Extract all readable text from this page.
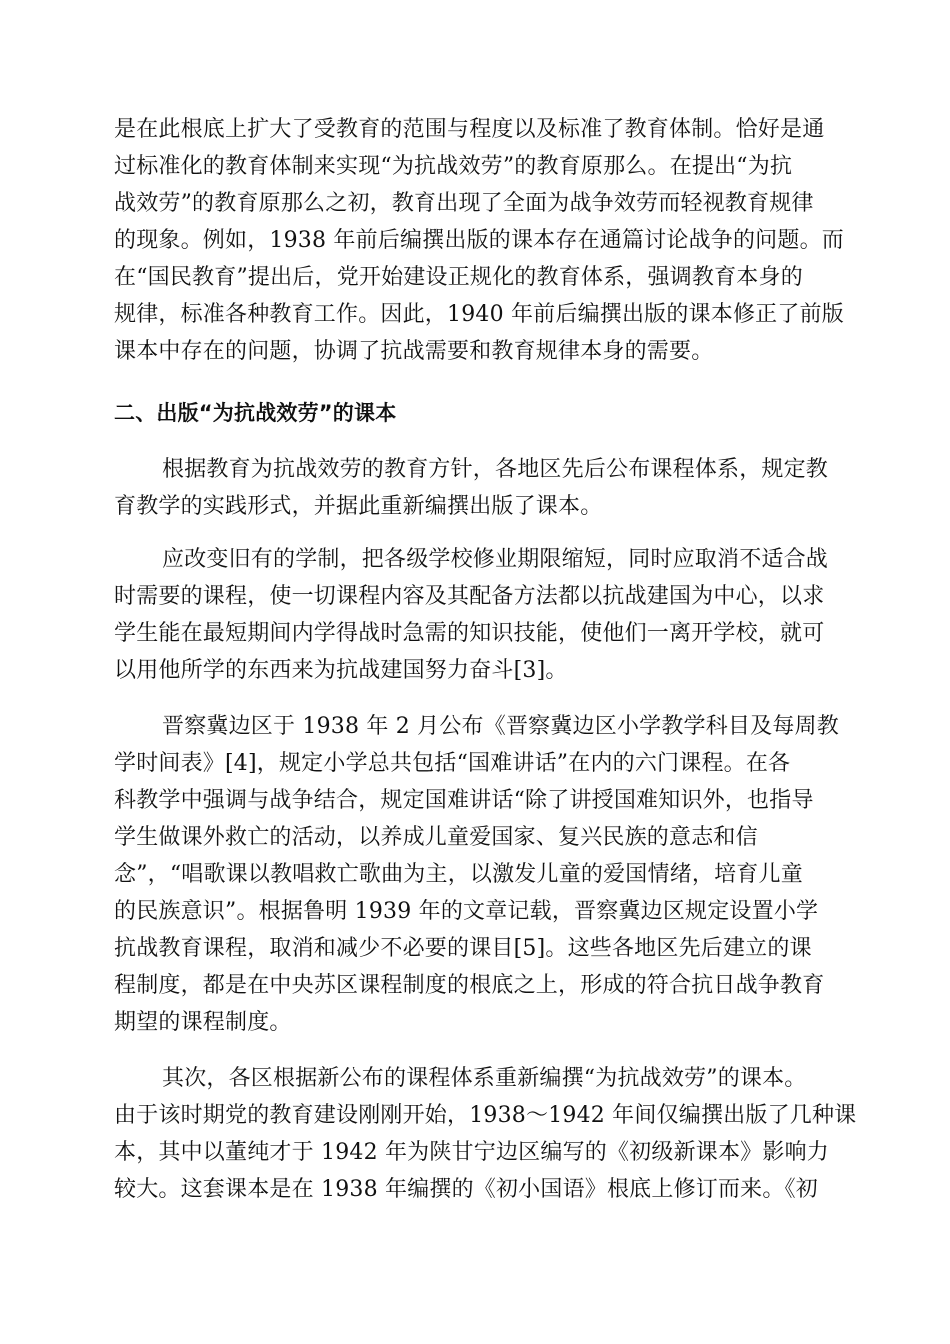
是在此根底上扩大了受教育的范围与程度以及标准了教育体制。恰好是通
过标准化的教育体制来实现“为抗战效劳”的教育原那么。在提出“为抗
战效劳”的教育原那么之初，教育出现了全面为战争效劳而轻视教育规律
的现象。例如，1938 年前后编撰出版的课本存在通篇讨论战争的问题。而
在“国民教育”提出后，党开始建设正规化的教育体系，强调教育本身的
规律，标准各种教育工作。因此，1940 年前后编撰出版的课本修正了前版
课本中存在的问题，协调了抗战需要和教育规律本身的需要。
二、出版“为抗战效劳”的课本
根据教育为抗战效劳的教育方针，各地区先后公布课程体系，规定教
育教学的实践形式，并据此重新编撰出版了课本。
应改变旧有的学制，把各级学校修业期限缩短，同时应取消不适合战
时需要的课程，使一切课程内容及其配备方法都以抗战建国为中心，以求
学生能在最短期间内学得战时急需的知识技能，使他们一离开学校，就可
以用他所学的东西来为抗战建国努力奋斗[3]。
晋察冀边区于 1938 年 2 月公布《晋察冀边区小学教学科目及每周教
学时间表》[4]，规定小学总共包括“国难讲话”在内的六门课程。在各
科教学中强调与战争结合，规定国难讲话“除了讲授国难知识外，也指导
学生做课外救亡的活动，以养成儿童爱国家、复兴民族的意志和信
念”，“唱歌课以教唱救亡歌曲为主，以激发儿童的爱国情绪，培育儿童
的民族意识”。根据鲁明 1939 年的文章记载，晋察冀边区规定设置小学
抗战教育课程，取消和减少不必要的课目[5]。这些各地区先后建立的课
程制度，都是在中央苏区课程制度的根底之上，形成的符合抗日战争教育
期望的课程制度。
其次，各区根据新公布的课程体系重新编撰“为抗战效劳”的课本。
由于该时期党的教育建设刚刚开始，1938～1942 年间仅编撰出版了几种课
本，其中以董纯才于 1942 年为陕甘宁边区编写的《初级新课本》影响力
较大。这套课本是在 1938 年编撰的《初小国语》根底上修订而来。《初
